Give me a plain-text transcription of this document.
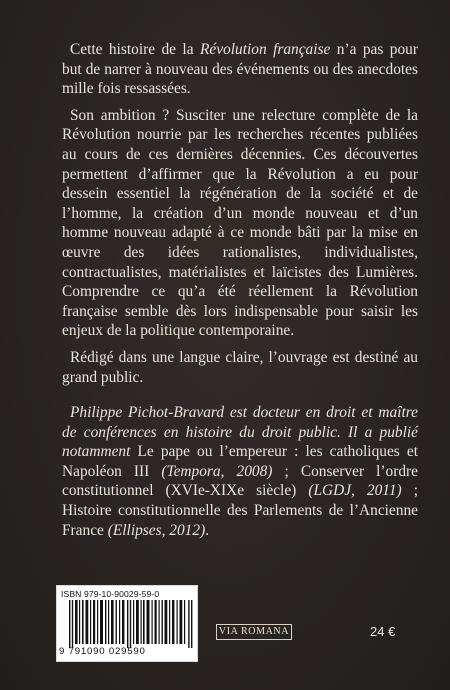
Cette histoire de la Révolution française n’a pas pour but de narrer à nouveau des événements ou des anecdotes mille fois ressassées.

Son ambition ? Susciter une relecture complète de la Révolution nourrie par les recherches récentes publiées au cours de ces dernières décennies. Ces découvertes permettent d’affirmer que la Révolution a eu pour dessein essentiel la régénération de la société et de l’homme, la création d’un monde nouveau et d’un homme nouveau adapté à ce monde bâti par la mise en œuvre des idées rationalistes, individualistes, contractualistes, matérialistes et laïcistes des Lumières. Comprendre ce qu’a été réellement la Révolution française semble dès lors indispensable pour saisir les enjeux de la politique contemporaine.

Rédigé dans une langue claire, l’ouvrage est destiné au grand public.

Philippe Pichot-Bravard est docteur en droit et maître de conférences en histoire du droit public. Il a publié notamment Le pape ou l’empereur : les catholiques et Napoléon III (Tempora, 2008) ; Conserver l’ordre constitutionnel (XVIe-XIXe siècle) (LGDJ, 2011) ; Histoire constitutionnelle des Parlements de l’Ancienne France (Ellipses, 2012).

ISBN 979-10-90029-59-0
9 791090 029590
VIA ROMANA	24 €
